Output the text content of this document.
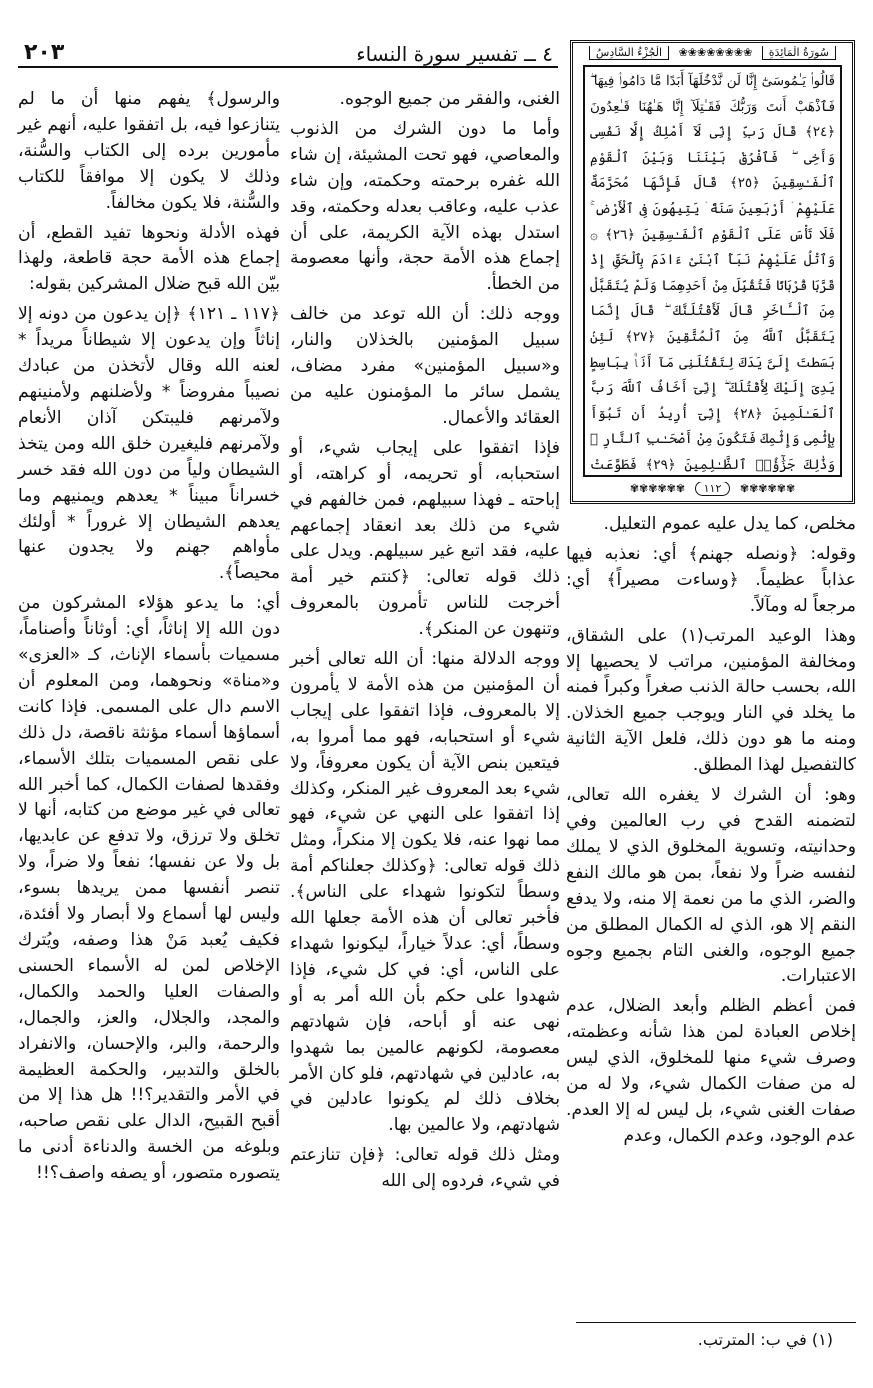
٢٠٣	٤ ــ تفسير سورة النساء	سُورَةُ الْمَائِدَةِ ❀❀❀❀❀❀❀❀ الْجُزْءُ السَّادِسُ
قَالُوا۟ يَـٰمُوسَىٰٓ إِنَّا لَن نَّدْخُلَهَآ أَبَدًا مَّا دَامُوا۟ فِيهَا ۖ فَٱذْهَبْ أَنتَ وَرَبُّكَ فَقَـٰتِلَآ إِنَّا هَـٰهُنَا قَـٰعِدُونَ ﴿٢٤﴾ قَالَ رَبِّ إِنِّى لَآ أَمْلِكُ إِلَّا نَفْسِى وَأَخِى ۖ فَٱفْرُقْ بَيْنَنَا وَبَيْنَ ٱلْقَوْمِ ٱلْفَـٰسِقِينَ ﴿٢٥﴾ قَالَ فَإِنَّهَا مُحَرَّمَةٌ عَلَيْهِمْ ۛ أَرْبَعِينَ سَنَةً ۛ يَتِيهُونَ فِى ٱلْأَرْضِ ۚ فَلَا تَأْسَ عَلَى ٱلْقَوْمِ ٱلْفَـٰسِقِينَ ﴿٢٦﴾ ۞ وَٱتْلُ عَلَيْهِمْ نَبَأَ ٱبْنَىْ ءَادَمَ بِٱلْحَقِّ إِذْ قَرَّبَا قُرْبَانًا فَتُقُبِّلَ مِنْ أَحَدِهِمَا وَلَمْ يُتَقَبَّلْ مِنَ ٱلْـَٔاخَرِ قَالَ لَأَقْتُلَنَّكَ ۖ قَالَ إِنَّمَا يَتَقَبَّلُ ٱللَّهُ مِنَ ٱلْمُتَّقِينَ ﴿٢٧﴾ لَئِنۢ بَسَطتَ إِلَىَّ يَدَكَ لِتَقْتُلَنِى مَآ أَنَا۠ بِبَاسِطٍ يَدِىَ إِلَيْكَ لِأَقْتُلَكَ ۖ إِنِّىٓ أَخَافُ ٱللَّهَ رَبَّ ٱلْعَـٰلَمِينَ ﴿٢٨﴾ إِنِّىٓ أُرِيدُ أَن تَبُوٓأَ بِإِثْمِى وَإِثْمِكَ فَتَكُونَ مِنْ أَصْحَـٰبِ ٱلنَّارِ ۚ وَذَٰلِكَ جَزَٰٓؤُا۟ ٱلظَّـٰلِمِينَ ﴿٢٩﴾ فَطَوَّعَتْ
✾✾✾✾✾✾ ١١٢ ✾✾✾✾✾✾

مخلص، كما يدل عليه عموم التعليل.

وقوله: ﴿ونصله جهنم﴾ أي: نعذبه فيها عذاباً عظيماً. ﴿وساءت مصيراً﴾ أي: مرجعاً له ومآلاً.

وهذا الوعيد المرتب(١) على الشقاق، ومخالفة المؤمنين، مراتب لا يحصيها إلا الله، بحسب حالة الذنب صغراً وكبراً فمنه ما يخلد في النار ويوجب جميع الخذلان. ومنه ما هو دون ذلك، فلعل الآية الثانية كالتفصيل لهذا المطلق.

وهو: أن الشرك لا يغفره الله تعالى، لتضمنه القدح في رب العالمين وفي وحدانيته، وتسوية المخلوق الذي لا يملك لنفسه ضراً ولا نفعاً، بمن هو مالك النفع والضر، الذي ما من نعمة إلا منه، ولا يدفع النقم إلا هو، الذي له الكمال المطلق من جميع الوجوه، والغنى التام بجميع وجوه الاعتبارات.

فمن أعظم الظلم وأبعد الضلال، عدم إخلاص العبادة لمن هذا شأنه وعظمته، وصرف شيء منها للمخلوق، الذي ليس له من صفات الكمال شيء، ولا له من صفات الغنى شيء، بل ليس له إلا العدم. عدم الوجود، وعدم الكمال، وعدم

الغنى، والفقر من جميع الوجوه.

وأما ما دون الشرك من الذنوب والمعاصي، فهو تحت المشيئة، إن شاء الله غفره برحمته وحكمته، وإن شاء عذب عليه، وعاقب بعدله وحكمته، وقد استدل بهذه الآية الكريمة، على أن إجماع هذه الأمة حجة، وأنها معصومة من الخطأ.

ووجه ذلك: أن الله توعد من خالف سبيل المؤمنين بالخذلان والنار، و«سبيل المؤمنين» مفرد مضاف، يشمل سائر ما المؤمنون عليه من العقائد والأعمال.

فإذا اتفقوا على إيجاب شيء، أو استحبابه، أو تحريمه، أو كراهته، أو إباحته ـ فهذا سبيلهم، فمن خالفهم في شيء من ذلك بعد انعقاد إجماعهم عليه، فقد اتبع غير سبيلهم. ويدل على ذلك قوله تعالى: ﴿كنتم خير أمة أخرجت للناس تأمرون بالمعروف وتنهون عن المنكر﴾.

ووجه الدلالة منها: أن الله تعالى أخبر أن المؤمنين من هذه الأمة لا يأمرون إلا بالمعروف، فإذا اتفقوا على إيجاب شيء أو استحبابه، فهو مما أمروا به، فيتعين بنص الآية أن يكون معروفاً، ولا شيء بعد المعروف غير المنكر، وكذلك إذا اتفقوا على النهي عن شيء، فهو مما نهوا عنه، فلا يكون إلا منكراً، ومثل ذلك قوله تعالى: ﴿وكذلك جعلناكم أمة وسطاً لتكونوا شهداء على الناس﴾. فأخبر تعالى أن هذه الأمة جعلها الله وسطاً، أي: عدلاً خياراً، ليكونوا شهداء على الناس، أي: في كل شيء، فإذا شهدوا على حكم بأن الله أمر به أو نهى عنه أو أباحه، فإن شهادتهم معصومة، لكونهم عالمين بما شهدوا به، عادلين في شهادتهم، فلو كان الأمر بخلاف ذلك لم يكونوا عادلين في شهادتهم، ولا عالمين بها.

ومثل ذلك قوله تعالى: ﴿فإن تنازعتم في شيء، فردوه إلى الله

والرسول﴾ يفهم منها أن ما لم يتنازعوا فيه، بل اتفقوا عليه، أنهم غير مأمورين برده إلى الكتاب والسُّنة، وذلك لا يكون إلا موافقاً للكتاب والسُّنة، فلا يكون مخالفاً.

فهذه الأدلة ونحوها تفيد القطع، أن إجماع هذه الأمة حجة قاطعة، ولهذا بيّن الله قبح ضلال المشركين بقوله:

﴿١١٧ ـ ١٢١﴾ ﴿إن يدعون من دونه إلا إناثاً وإن يدعون إلا شيطاناً مريداً * لعنه الله وقال لأتخذن من عبادك نصيباً مفروضاً * ولأضلنهم ولأمنينهم ولآمرنهم فليبتكن آذان الأنعام ولآمرنهم فليغيرن خلق الله ومن يتخذ الشيطان ولياً من دون الله فقد خسر خسراناً مبيناً * يعدهم ويمنيهم وما يعدهم الشيطان إلا غروراً * أولئك مأواهم جهنم ولا يجدون عنها محيصاً﴾.

أي: ما يدعو هؤلاء المشركون من دون الله إلا إناثاً، أي: أوثاناً وأصناماً، مسميات بأسماء الإناث، كـ «العزى» و«مناة» ونحوهما، ومن المعلوم أن الاسم دال على المسمى. فإذا كانت أسماؤها أسماء مؤنثة ناقصة، دل ذلك على نقص المسميات بتلك الأسماء، وفقدها لصفات الكمال، كما أخبر الله تعالى في غير موضع من كتابه، أنها لا تخلق ولا ترزق، ولا تدفع عن عابديها، بل ولا عن نفسها؛ نفعاً ولا ضراً، ولا تنصر أنفسها ممن يريدها بسوء، وليس لها أسماع ولا أبصار ولا أفئدة، فكيف يُعبد مَنْ هذا وصفه، ويُترك الإخلاص لمن له الأسماء الحسنى والصفات العليا والحمد والكمال، والمجد، والجلال، والعز، والجمال، والرحمة، والبر، والإحسان، والانفراد بالخلق والتدبير، والحكمة العظيمة في الأمر والتقدير؟!! هل هذا إلا من أقبح القبيح، الدال على نقص صاحبه، وبلوغه من الخسة والدناءة أدنى ما يتصوره متصور، أو يصفه واصف؟!!

(١) في ب: المترتب.
